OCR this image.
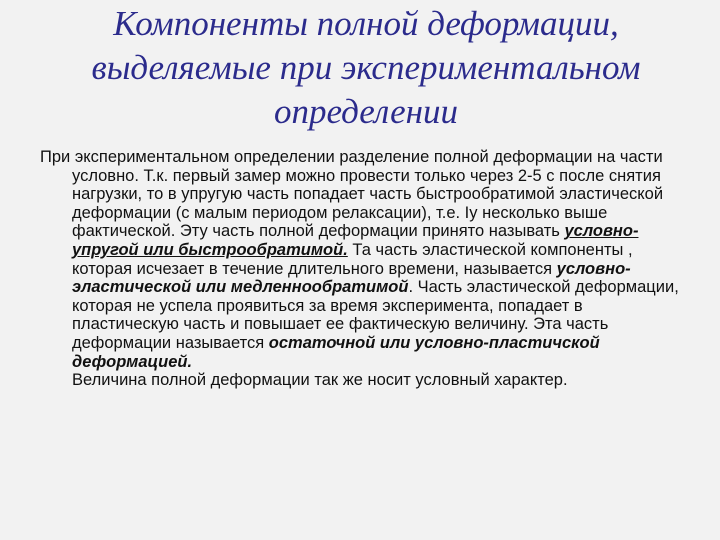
Компоненты полной деформации,
выделяемые при экспериментальном
определении

При экспериментальном определении разделение полной деформации на части условно. Т.к. первый замер можно провести только через 2-5 с после снятия нагрузки, то в упругую часть попадает часть быстрообратимой эластической деформации (с малым периодом релаксации), т.е. Iу несколько выше фактической. Эту часть полной деформации принято называть условно-упругой или быстрообратимой. Та часть эластической компоненты , которая исчезает в течение длительного времени, называется условно-эластической или медленнообратимой. Часть эластической деформации, которая не успела проявиться за время эксперимента, попадает в пластическую часть и повышает ее фактическую величину. Эта часть деформации называется остаточной или условно-пластичской деформацией.
Величина полной деформации так же носит условный характер.
